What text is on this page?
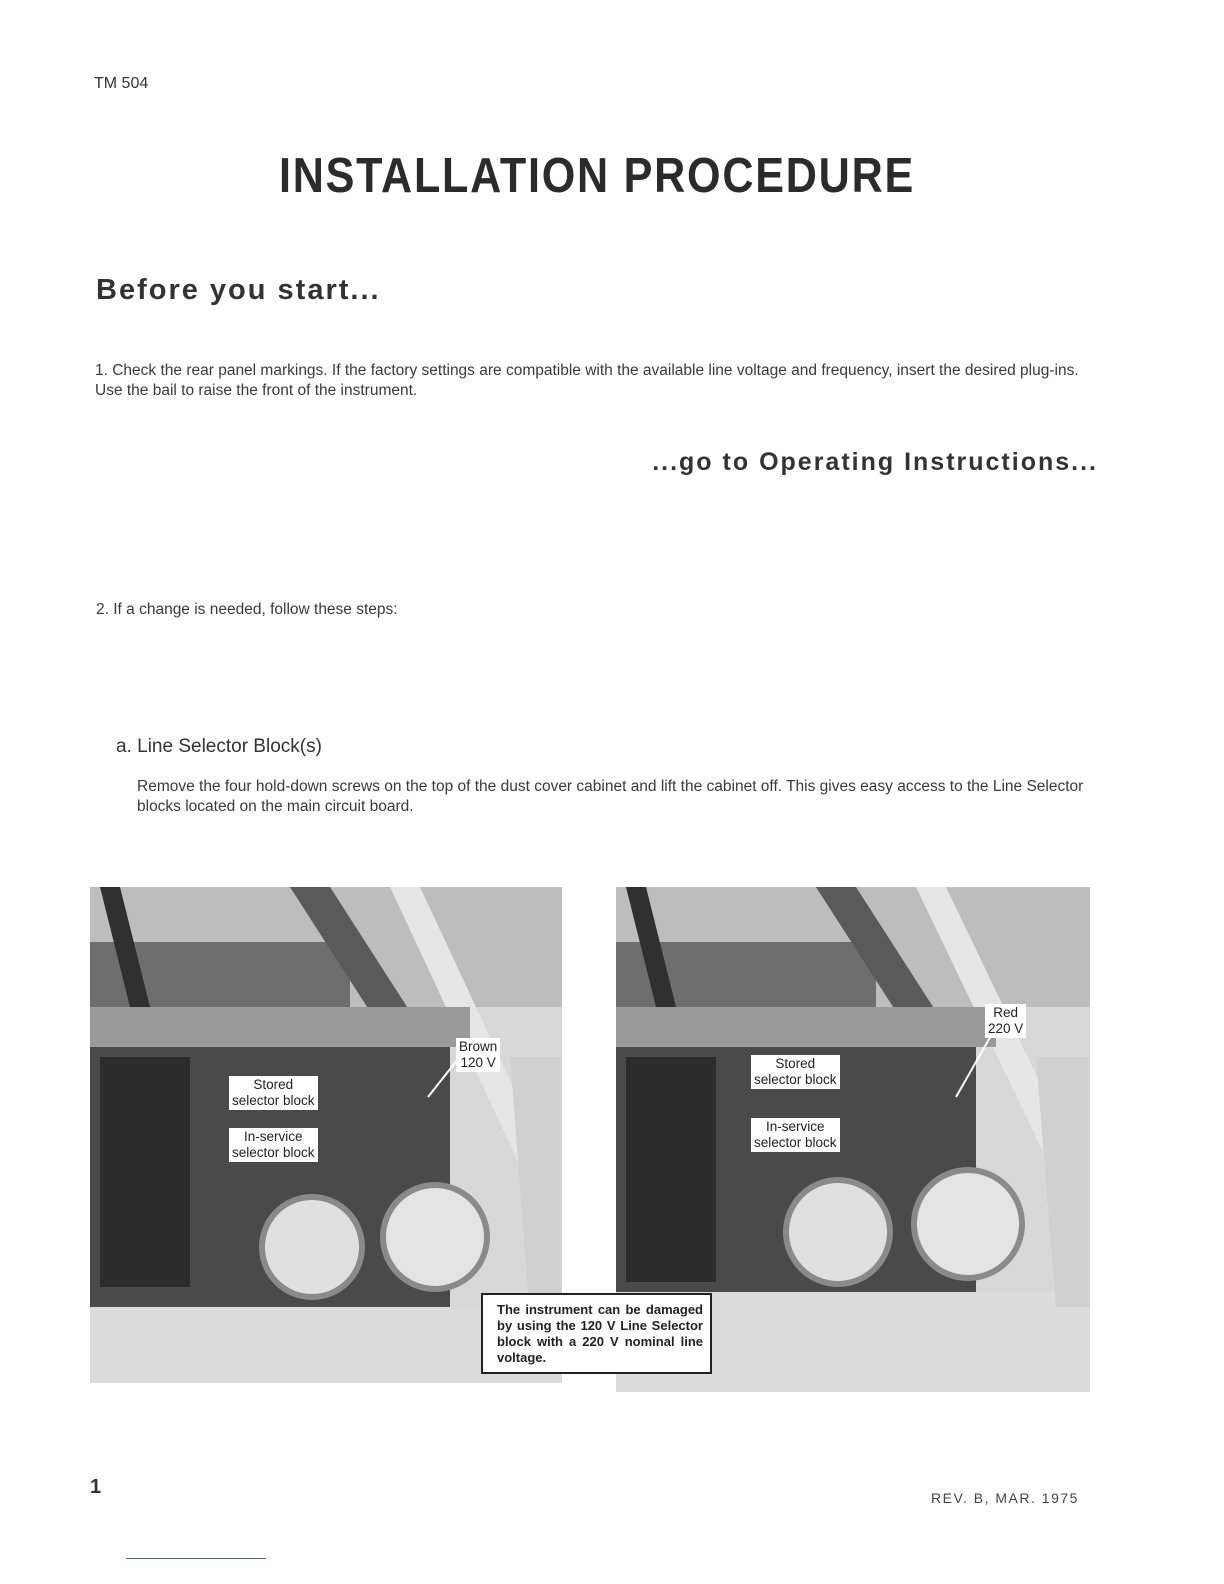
TM 504
INSTALLATION PROCEDURE
Before you start...
1. Check the rear panel markings. If the factory settings are compatible with the available line voltage and frequency, insert the desired plug-ins. Use the bail to raise the front of the instrument.
...go to Operating Instructions...
2. If a change is needed, follow these steps:
a. Line Selector Block(s)
Remove the four hold-down screws on the top of the dust cover cabinet and lift the cabinet off. This gives easy access to the Line Selector blocks located on the main circuit board.
Brown
120 V
Stored
selector block
In-service
selector block
Red
220 V
Stored
selector block
In-service
selector block
The instrument can be damaged by using the 120 V Line Selector block with a 220 V nominal line voltage.
1	REV. B, MAR. 1975
